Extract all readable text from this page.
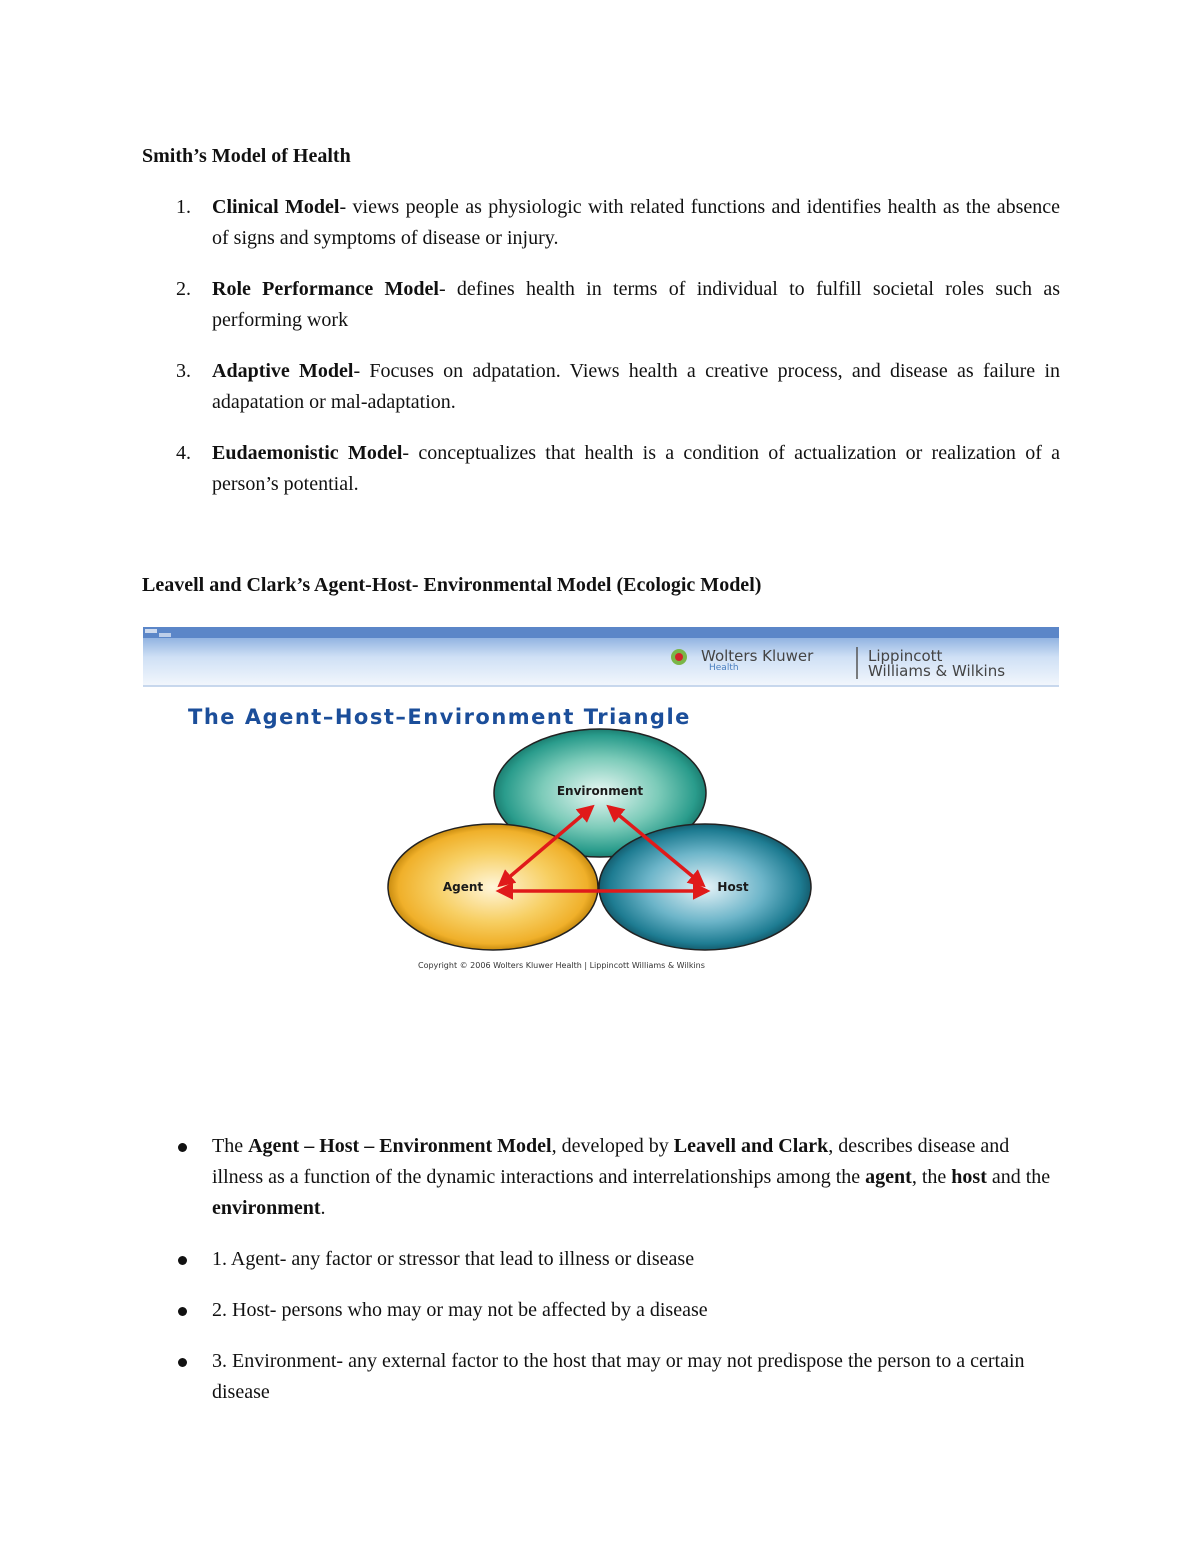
Smith’s Model of Health
1. Clinical Model- views people as physiologic with related functions and identifies health as the absence of signs and symptoms of disease or injury.
2. Role Performance Model- defines health in terms of individual to fulfill societal roles such as performing work
3. Adaptive Model- Focuses on adpatation. Views health a creative process, and disease as failure in adapatation or mal-adaptation.
4. Eudaemonistic Model- conceptualizes that health is a condition of actualization or realization of a person’s potential.
Leavell and Clark’s Agent-Host- Environmental Model (Ecologic Model)
Wolters Kluwer
Health
Lippincott
Williams & Wilkins
The Agent–Host–Environment Triangle
Environment
Agent	Host
Copyright © 2006 Wolters Kluwer Health | Lippincott Williams & Wilkins
The Agent – Host – Environment Model, developed by Leavell and Clark, describes disease and illness as a function of the dynamic interactions and interrelationships among the agent, the host and the environment.
1. Agent- any factor or stressor that lead to illness or disease
2. Host- persons who may or may not be affected by a disease
3. Environment- any external factor to the host that may or may not predispose the person to a certain disease
